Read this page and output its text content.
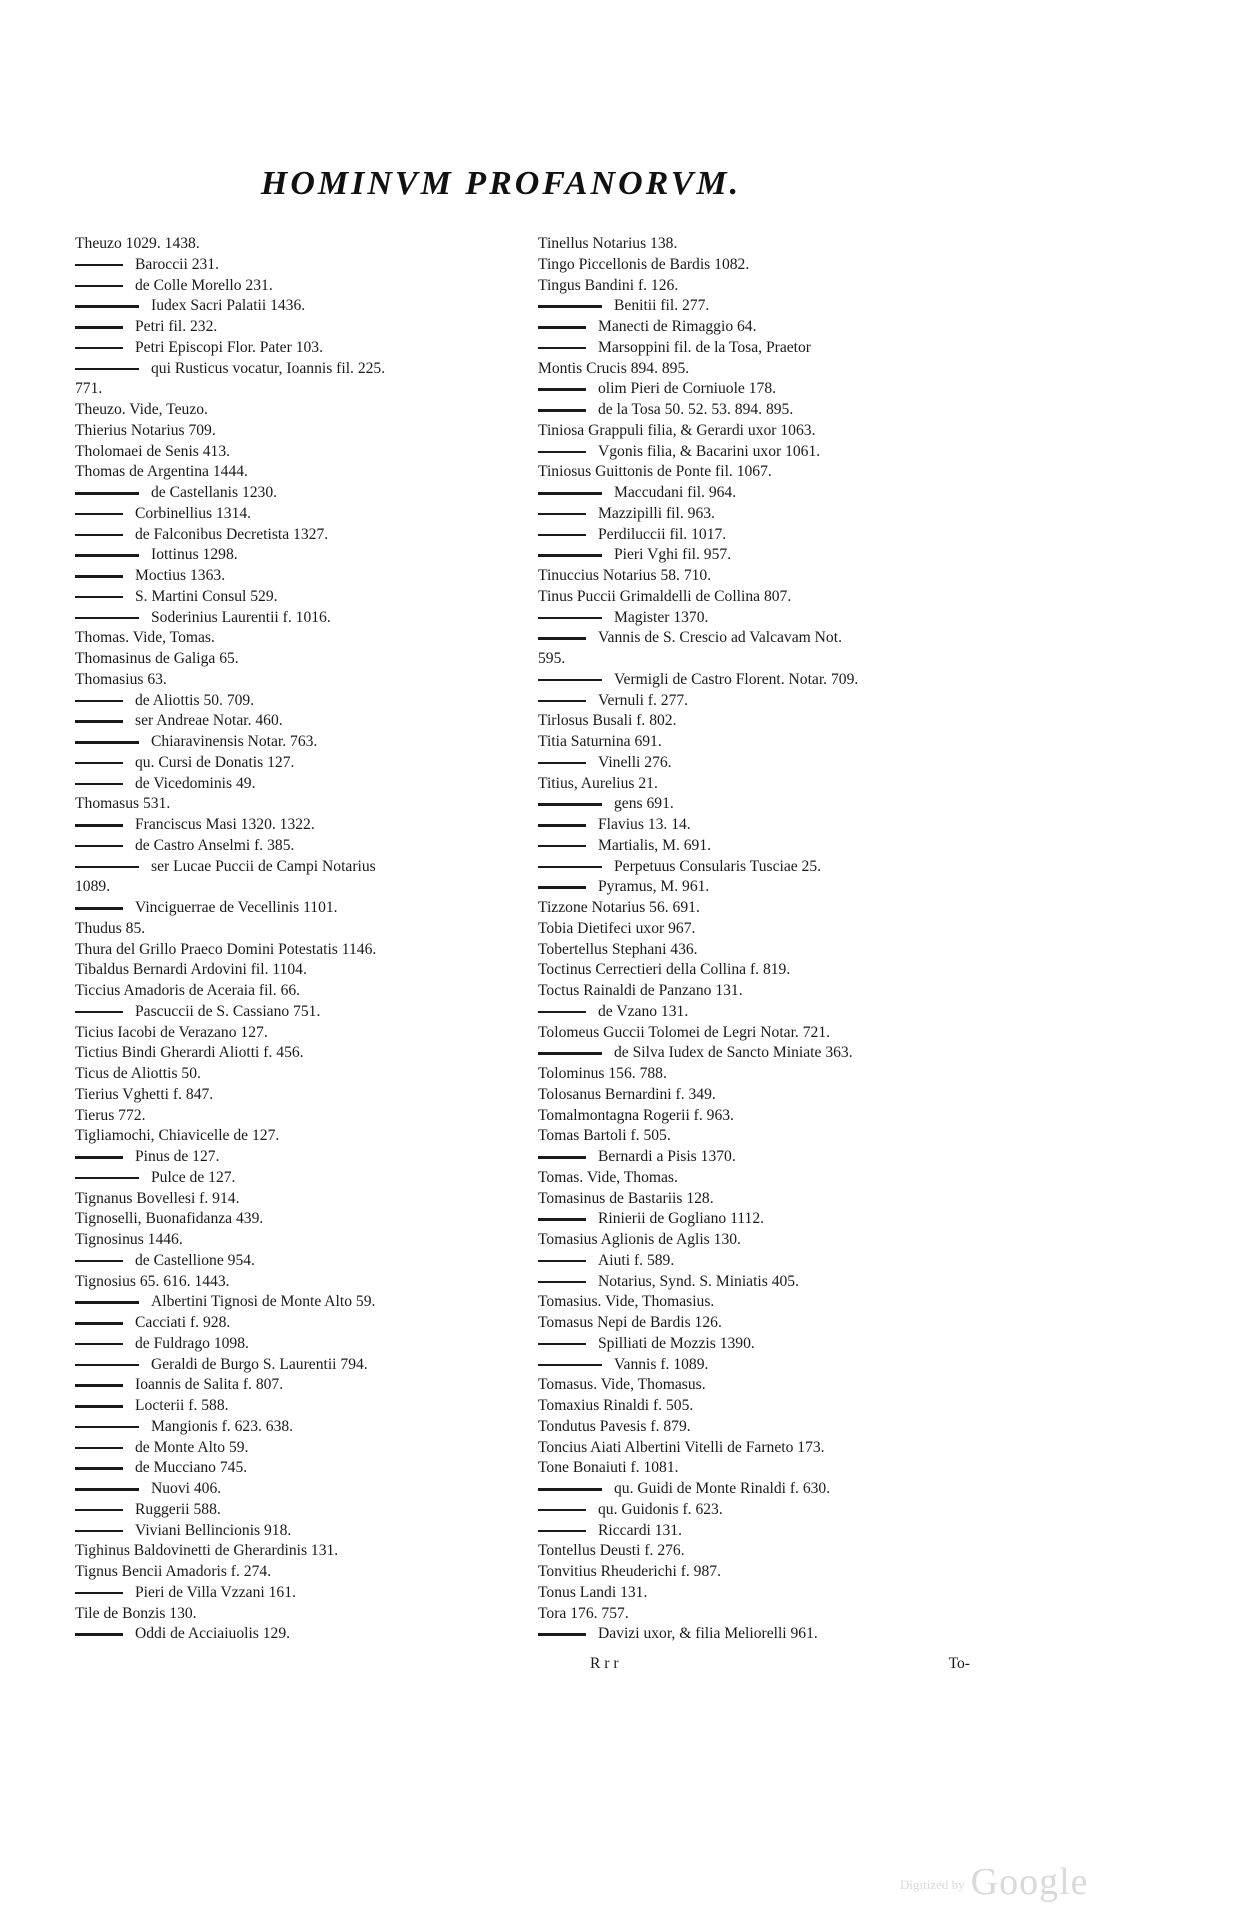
HOMINVM PROFANORVM.
Theuzo 1029. 1438.
Baroccii 231.
de Colle Morello 231.
Iudex Sacri Palatii 1436.
Petri fil. 232.
Petri Episcopi Flor. Pater 103.
qui Rusticus vocatur, Ioannis fil. 225.
771.
Theuzo. Vide, Teuzo.
Thierius Notarius 709.
Tholomaei de Senis 413.
Thomas de Argentina 1444.
de Castellanis 1230.
Corbinellius 1314.
de Falconibus Decretista 1327.
Iottinus 1298.
Moctius 1363.
S. Martini Consul 529.
Soderinius Laurentii f. 1016.
Thomas. Vide, Tomas.
Thomasinus de Galiga 65.
Thomasius 63.
de Aliottis 50. 709.
ser Andreae Notar. 460.
Chiaravinensis Notar. 763.
qu. Cursi de Donatis 127.
de Vicedominis 49.
Thomasus 531.
Franciscus Masi 1320. 1322.
de Castro Anselmi f. 385.
ser Lucae Puccii de Campi Notarius
1089.
Vinciguerrae de Vecellinis 1101.
Thudus 85.
Thura del Grillo Praeco Domini Potestatis 1146.
Tibaldus Bernardi Ardovini fil. 1104.
Ticcius Amadoris de Aceraia fil. 66.
Pascuccii de S. Cassiano 751.
Ticius Iacobi de Verazano 127.
Tictius Bindi Gherardi Aliotti f. 456.
Ticus de Aliottis 50.
Tierius Vghetti f. 847.
Tierus 772.
Tigliamochi, Chiavicelle de 127.
Pinus de 127.
Pulce de 127.
Tignanus Bovellesi f. 914.
Tignoselli, Buonafidanza 439.
Tignosinus 1446.
de Castellione 954.
Tignosius 65. 616. 1443.
Albertini Tignosi de Monte Alto 59.
Cacciati f. 928.
de Fuldrago 1098.
Geraldi de Burgo S. Laurentii 794.
Ioannis de Salita f. 807.
Locterii f. 588.
Mangionis f. 623. 638.
de Monte Alto 59.
de Mucciano 745.
Nuovi 406.
Ruggerii 588.
Viviani Bellincionis 918.
Tighinus Baldovinetti de Gherardinis 131.
Tignus Bencii Amadoris f. 274.
Pieri de Villa Vzzani 161.
Tile de Bonzis 130.
Oddi de Acciaiuolis 129.
Tinellus Notarius 138.
Tingo Piccellonis de Bardis 1082.
Tingus Bandini f. 126.
Benitii fil. 277.
Manecti de Rimaggio 64.
Marsoppini fil. de la Tosa, Praetor
Montis Crucis 894. 895.
olim Pieri de Corniuole 178.
de la Tosa 50. 52. 53. 894. 895.
Tiniosa Grappuli filia, & Gerardi uxor 1063.
Vgonis filia, & Bacarini uxor 1061.
Tiniosus Guittonis de Ponte fil. 1067.
Maccudani fil. 964.
Mazzipilli fil. 963.
Perdiluccii fil. 1017.
Pieri Vghi fil. 957.
Tinuccius Notarius 58. 710.
Tinus Puccii Grimaldelli de Collina 807.
Magister 1370.
Vannis de S. Crescio ad Valcavam Not.
595.
Vermigli de Castro Florent. Notar. 709.
Vernuli f. 277.
Tirlosus Busali f. 802.
Titia Saturnina 691.
Vinelli 276.
Titius, Aurelius 21.
gens 691.
Flavius 13. 14.
Martialis, M. 691.
Perpetuus Consularis Tusciae 25.
Pyramus, M. 961.
Tizzone Notarius 56. 691.
Tobia Dietifeci uxor 967.
Tobertellus Stephani 436.
Toctinus Cerrectieri della Collina f. 819.
Toctus Rainaldi de Panzano 131.
de Vzano 131.
Tolomeus Guccii Tolomei de Legri Notar. 721.
de Silva Iudex de Sancto Miniate 363.
Tolominus 156. 788.
Tolosanus Bernardini f. 349.
Tomalmontagna Rogerii f. 963.
Tomas Bartoli f. 505.
Bernardi a Pisis 1370.
Tomas. Vide, Thomas.
Tomasinus de Bastariis 128.
Rinierii de Gogliano 1112.
Tomasius Aglionis de Aglis 130.
Aiuti f. 589.
Notarius, Synd. S. Miniatis 405.
Tomasius. Vide, Thomasius.
Tomasus Nepi de Bardis 126.
Spilliati de Mozzis 1390.
Vannis f. 1089.
Tomasus. Vide, Thomasus.
Tomaxius Rinaldi f. 505.
Tondutus Pavesis f. 879.
Toncius Aiati Albertini Vitelli de Farneto 173.
Tone Bonaiuti f. 1081.
qu. Guidi de Monte Rinaldi f. 630.
qu. Guidonis f. 623.
Riccardi 131.
Tontellus Deusti f. 276.
Tonvitius Rheuderichi f. 987.
Tonus Landi 131.
Tora 176. 757.
Davizi uxor, & filia Meliorelli 961.
R r r	To-
Digitized by Google
